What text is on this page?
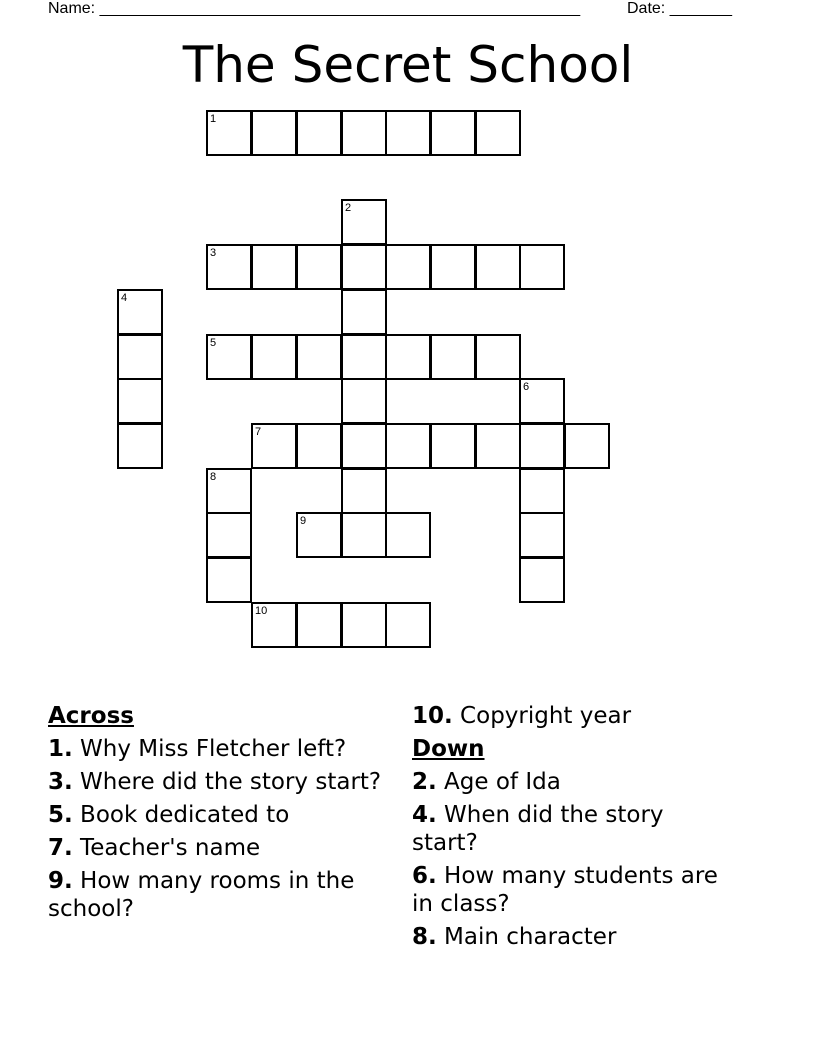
Name: ______________________________________________________	Date: _______
The Secret School
1
2
3
4
5
6
7
8
9
10
Across
1. Why Miss Fletcher left?
3. Where did the story start?
5. Book dedicated to
7. Teacher's name
9. How many rooms in the school?
10. Copyright year
Down
2. Age of Ida
4. When did the story start?
6. How many students are in class?
8. Main character
